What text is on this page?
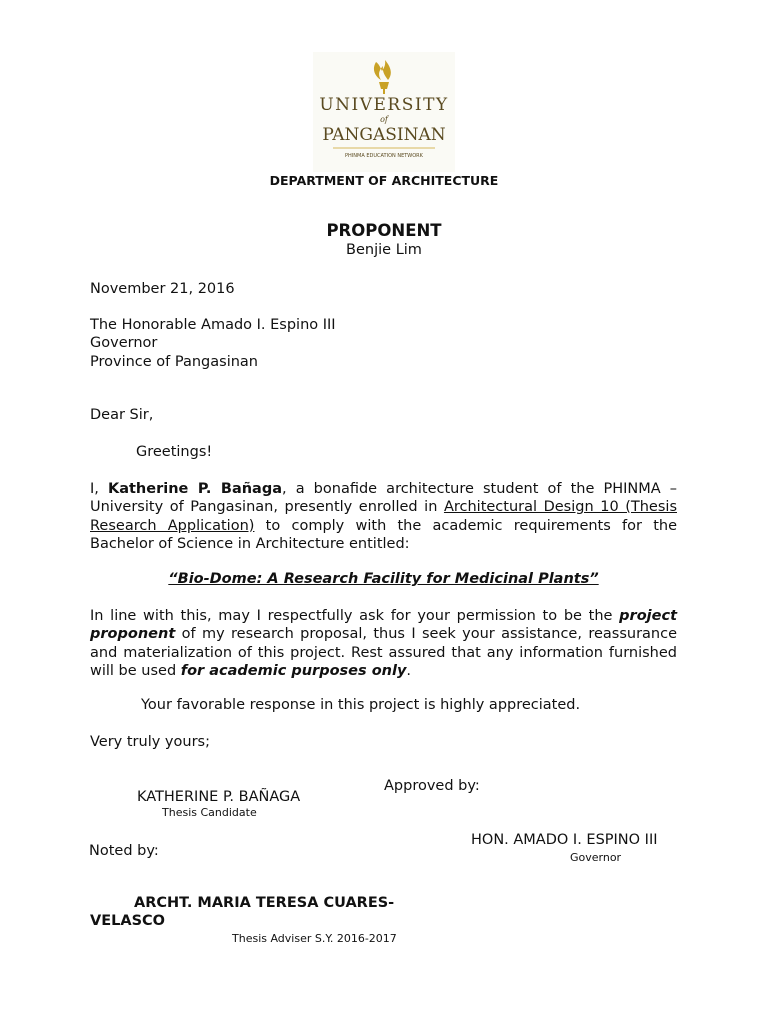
UNIVERSITY
of
PANGASINAN
PHINMA EDUCATION NETWORK
DEPARTMENT OF ARCHITECTURE
PROPONENT
Benjie Lim
November 21, 2016
The Honorable Amado I. Espino III
Governor
Province of Pangasinan
Dear Sir,
Greetings!
I, Katherine P. Bañaga, a bonafide architecture student of the PHINMA – University of Pangasinan, presently enrolled in Architectural Design 10 (Thesis Research Application) to comply with the academic requirements for the Bachelor of Science in Architecture entitled:
“Bio-Dome: A Research Facility for Medicinal Plants”
In line with this, may I respectfully ask for your permission to be the project proponent of my research proposal, thus I seek your assistance, reassurance and materialization of this project. Rest assured that any information furnished will be used for academic purposes only.
Your favorable response in this project is highly appreciated.
Very truly yours;
KATHERINE P. BAÑAGA
Thesis Candidate
Approved by:
HON. AMADO I. ESPINO III
Governor
Noted by:
ARCHT. MARIA TERESA CUARES-
VELASCO
Thesis Adviser S.Y. 2016-2017
